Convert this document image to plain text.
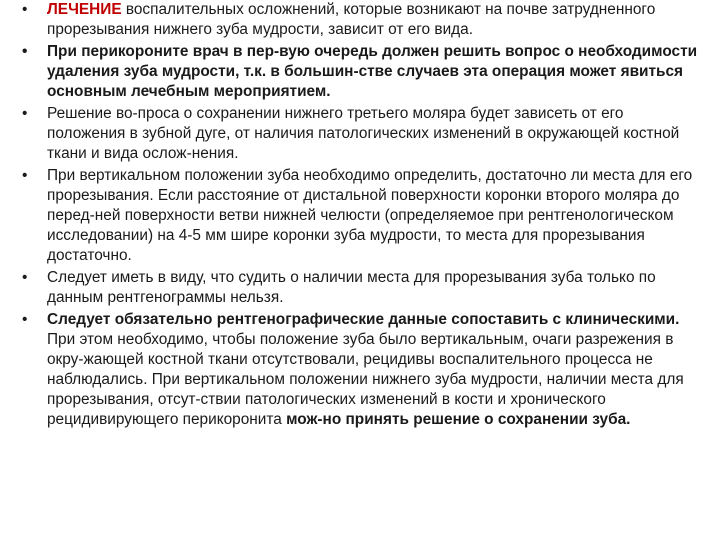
•	ЛЕЧЕНИЕ воспалительных осложнений, которые возникают на почве затрудненного прорезывания нижнего зуба мудрости, зависит от его вида.
•	При перикороните врач в пер-вую очередь должен решить вопрос о необходимости удаления зуба мудрости, т.к. в большин-стве случаев эта операция может явиться основным лечебным мероприятием.
•	Решение во-проса о сохранении нижнего третьего моляра будет зависеть от его положения в зубной дуге, от наличия патологических изменений в окружающей костной ткани и вида ослож-нения.
•	При вертикальном положении зуба необходимо определить, достаточно ли места для его прорезывания. Если расстояние от дистальной поверхности коронки второго моляра до перед-ней поверхности ветви нижней челюсти (определяемое при рентгенологическом исследовании) на 4-5 мм шире коронки зуба мудрости, то места для прорезывания достаточно.
•	Следует иметь в виду, что судить о наличии места для прорезывания зуба только по данным рентгенограммы нельзя.
•	Следует обязательно рентгенографические данные сопоставить с клиническими. При этом необходимо, чтобы положение зуба было вертикальным, очаги разрежения в окру-жающей костной ткани отсутствовали, рецидивы воспалительного процесса не наблюдались. При вертикальном положении нижнего зуба мудрости, наличии места для прорезывания, отсут-ствии патологических изменений в кости и хронического рецидивирующего перикоронита мож-но принять решение о сохранении зуба.
